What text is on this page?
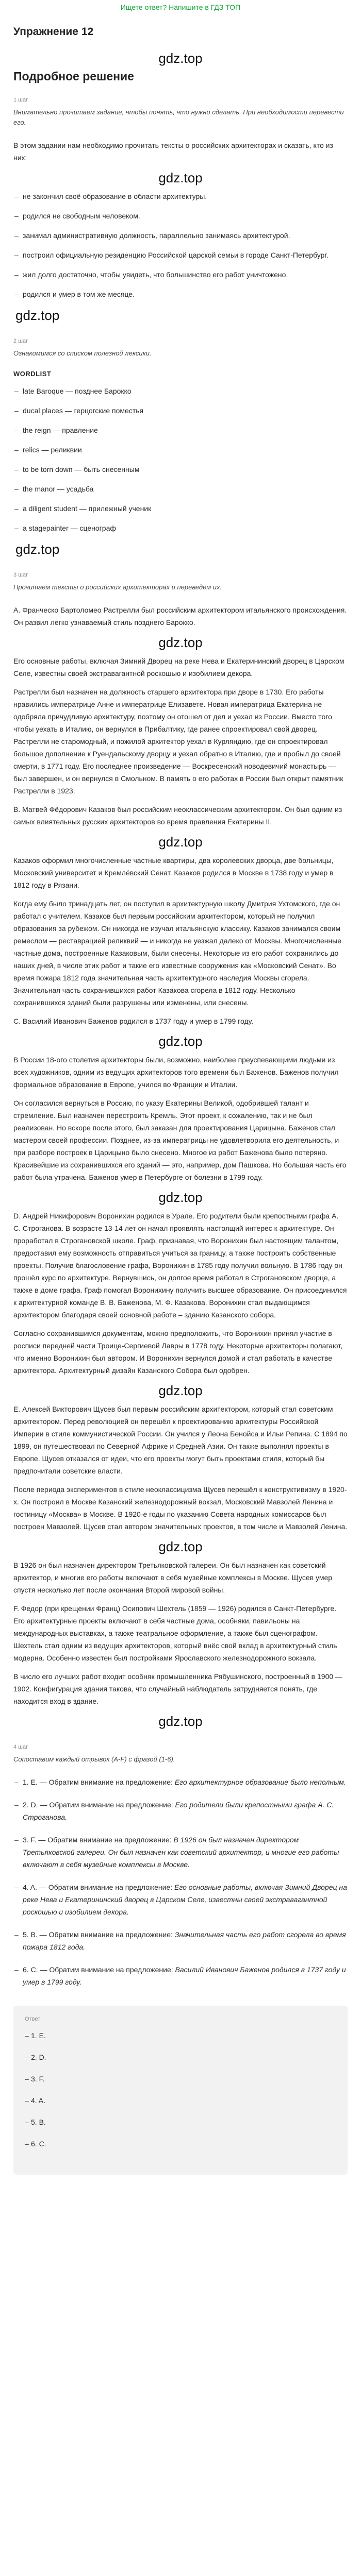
Ищете ответ? Напишите в ГДЗ ТОП
Упражнение 12
gdz.top
Подробное решение
1 шаг
Внимательно прочитаем задание, чтобы понять, что нужно сделать. При необходимости перевести его.

В этом задании нам необходимо прочитать тексты о российских архитекторах и сказать, кто из них:

gdz.top
– не закончил своё образование в области архитектуры.
– родился не свободным человеком.
– занимал административную должность, параллельно занимаясь архитектурой.
– построил официальную резиденцию Российской царской семьи в городе Санкт-Петербург.
– жил долго достаточно, чтобы увидеть, что большинство его работ уничтожено.
– родился и умер в том же месяце.
gdz.top
2 шаг
Ознакомимся со списком полезной лексики.
WORDLIST
– late Baroque — позднее Барокко
– ducal places — герцогские поместья
– the reign — правление
– relics — реликвии
– to be torn down — быть снесенным
– the manor — усадьба
– a diligent student — прилежный ученик
– a stagepainter — сценограф
gdz.top
3 шаг
Прочитаем тексты о российских архитекторах и переведем их.

A. Франческо Бартоломео Растрелли был российским архитектором итальянского происхождения. Он развил легко узнаваемый стиль позднего Барокко.

gdz.top

Его основные работы, включая Зимний Дворец на реке Нева и Екатерининский дворец в Царском Селе, известны своей экстравагантной роскошью и изобилием декора.

Растрелли был назначен на должность старшего архитектора при дворе в 1730. Его работы нравились императрице Анне и императрице Елизавете. Новая императрица Екатерина не одобряла причудливую архитектуру, поэтому он отошел от дел и уехал из России. Вместо того чтобы уехать в Италию, он вернулся в Прибалтику, где ранее спроектировал свой дворец. Растрелли не старомодный, и пожилой архитектор уехал в Курляндию, где он спроектировал большое дополнение к Руендальскому дворцу и уехал обратно в Италию, где и пробыл до своей смерти, в 1771 году. Его последнее произведение — Воскресенский новодевичий монастырь — был завершен, и он вернулся в Смольном. В память о его работах в России был открыт памятник Растрелли в 1923.

B. Матвей Фёдорович Казаков был российским неоклассическим архитектором. Он был одним из самых влиятельных русских архитекторов во время правления Екатерины II.

gdz.top

Казаков оформил многочисленные частные квартиры, два королевских дворца, две больницы, Московский университет и Кремлёвский Сенат. Казаков родился в Москве в 1738 году и умер в 1812 году в Рязани.

Когда ему было тринадцать лет, он поступил в архитектурную школу Дмитрия Ухтомского, где он работал с учителем. Казаков был первым российским архитектором, который не получил образования за рубежом. Он никогда не изучал итальянскую классику. Казаков занимался своим ремеслом — реставрацией реликвий — и никогда не уезжал далеко от Москвы. Многочисленные частные дома, построенные Казаковым, были снесены. Некоторые из его работ сохранились до наших дней, в числе этих работ и такие его известные сооружения как «Московский Сенат». Во время пожара 1812 года значительная часть архитектурного наследия Москвы сгорела. Значительная часть сохранившихся работ Казакова сгорела в 1812 году. Несколько сохранившихся зданий были разрушены или изменены, или снесены.

C. Василий Иванович Баженов родился в 1737 году и умер в 1799 году.

gdz.top

В России 18-ого столетия архитекторы были, возможно, наиболее преуспевающими людьми из всех художников, одним из ведущих архитекторов того времени был Баженов. Баженов получил формальное образование в Европе, учился во Франции и Италии.

Он согласился вернуться в Россию, по указу Екатерины Великой, одобрившей талант и стремление. Был назначен перестроить Кремль. Этот проект, к сожалению, так и не был реализован. Но вскоре после этого, был заказан для проектирования Царицына. Баженов стал мастером своей профессии. Позднее, из-за императрицы не удовлетворила его деятельность, и при разборе построек в Царицыно было снесено. Многое из работ Баженова было потеряно. Красивейшие из сохранившихся его зданий — это, например, дом Пашкова. Но большая часть его работ была утрачена. Баженов умер в Петербурге от болезни в 1799 году.

gdz.top

D. Андрей Никифорович Воронихин родился в Урале. Его родители были крепостными графа А. С. Строганова. В возрасте 13-14 лет он начал проявлять настоящий интерес к архитектуре. Он проработал в Строгановской школе. Граф, признавая, что Воронихин был настоящим талантом, предоставил ему возможность отправиться учиться за границу, а также построить собственные проекты. Получив благословение графа, Воронихин в 1785 году получил вольную. В 1786 году он прошёл курс по архитектуре. Вернувшись, он долгое время работал в Строгановском дворце, а также в доме графа. Граф помогал Воронихину получить высшее образование. Он присоединился к архитектурной команде В. В. Баженова, М. Ф. Казакова. Воронихин стал выдающимся архитектором благодаря своей основной работе – зданию Казанского собора.

Согласно сохранившимся документам, можно предположить, что Воронихин принял участие в росписи передней части Троице-Сергиевой Лавры в 1778 году. Некоторые архитекторы полагают, что именно Воронихин был автором. И Воронихин вернулся домой и стал работать в качестве архитектора. Архитектурный дизайн Казанского Собора был одобрен.

gdz.top

E. Алексей Викторович Щусев был первым российским архитектором, который стал советским архитектором. Перед революцией он перешёл к проектированию архитектуры Российской Империи в стиле коммунистической России. Он учился у Леона Бенойса и Ильи Репина. С 1894 по 1899, он путешествовал по Северной Африке и Средней Азии. Он также выполнял проекты в Европе. Щусев отказался от идеи, что его проекты могут быть проектами стиля, который бы предпочитали советские власти.

После периода экспериментов в стиле неоклассицизма Щусев перешёл к конструктивизму в 1920-х. Он построил в Москве Казанский железнодорожный вокзал, Московский Мавзолей Ленина и гостиницу «Москва» в Москве. В 1920-е годы по указанию Совета народных комиссаров был построен Мавзолей. Щусев стал автором значительных проектов, в том числе и Мавзолей Ленина.

gdz.top

В 1926 он был назначен директором Третьяковской галереи. Он был назначен как советский архитектор, и многие его работы включают в себя музейные комплексы в Москве. Щусев умер спустя несколько лет после окончания Второй мировой войны.

F. Федор (при крещении Франц) Осипович Шехтель (1859 — 1926) родился в Санкт-Петербурге. Его архитектурные проекты включают в себя частные дома, особняки, павильоны на международных выставках, а также театральное оформление, а также был сценографом. Шехтель стал одним из ведущих архитекторов, который внёс свой вклад в архитектурный стиль модерна. Особенно известен был постройками Ярославского железнодорожного вокзала.

В число его лучших работ входит особняк промышленника Рябушинского, построенный в 1900 — 1902. Конфигурация здания такова, что случайный наблюдатель затрудняется понять, где находится вход в здание.

gdz.top
4 шаг
Сопоставим каждый отрывок (A-F) с фразой (1-6).
– 1. E. — Обратим внимание на предложение: Его архитектурное образование было неполным.
– 2. D. — Обратим внимание на предложение: Его родители были крепостными графа А. С. Строганова.
– 3. F. — Обратим внимание на предложение: В 1926 он был назначен директором Третьяковской галереи. Он был назначен как советский архитектор, и многие его работы включают в себя музейные комплексы в Москве.
– 4. A. — Обратим внимание на предложение: Его основные работы, включая Зимний Дворец на реке Нева и Екатерининский дворец в Царском Селе, известны своей экстравагантной роскошью и изобилием декора.
– 5. B. — Обратим внимание на предложение: Значительная часть его работ сгорела во время пожара 1812 года.
– 6. C. — Обратим внимание на предложение: Василий Иванович Баженов родился в 1737 году и умер в 1799 году.
Ответ
– 1. E.
– 2. D.
– 3. F.
– 4. A.
– 5. B.
– 6. C.
